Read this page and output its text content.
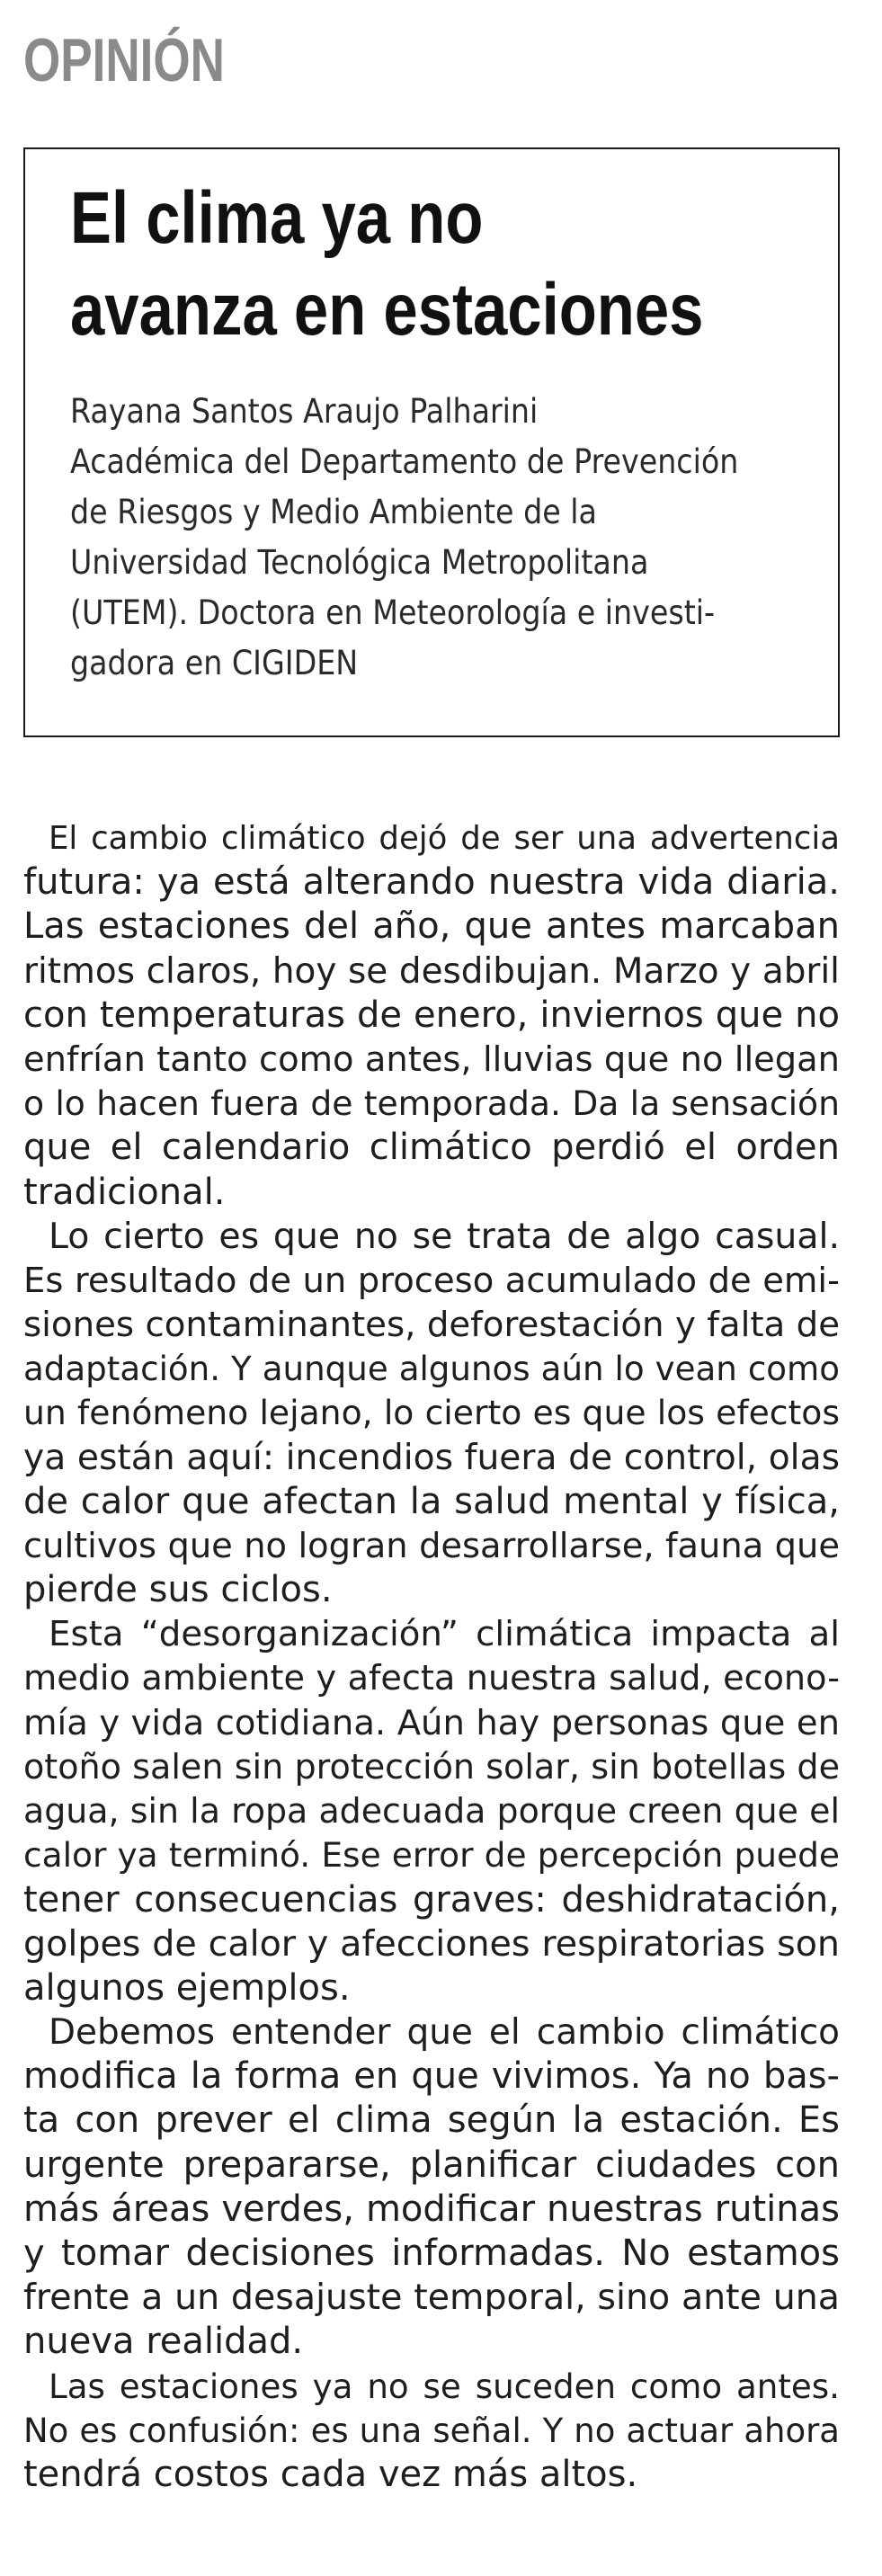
OPINIÓN
El clima ya no
avanza en estaciones

Rayana Santos Araujo Palharini
Académica del Departamento de Prevención
de Riesgos y Medio Ambiente de la
Universidad Tecnológica Metropolitana
(UTEM). Doctora en Meteorología e investi-
gadora en CIGIDEN

El cambio climático dejó de ser una advertencia
futura: ya está alterando nuestra vida diaria.
Las estaciones del año, que antes marcaban
ritmos claros, hoy se desdibujan. Marzo y abril
con temperaturas de enero, inviernos que no
enfrían tanto como antes, lluvias que no llegan
o lo hacen fuera de temporada. Da la sensación
que el calendario climático perdió el orden
tradicional.

Lo cierto es que no se trata de algo casual.
Es resultado de un proceso acumulado de emi-
siones contaminantes, deforestación y falta de
adaptación. Y aunque algunos aún lo vean como
un fenómeno lejano, lo cierto es que los efectos
ya están aquí: incendios fuera de control, olas
de calor que afectan la salud mental y física,
cultivos que no logran desarrollarse, fauna que
pierde sus ciclos.

Esta “desorganización” climática impacta al
medio ambiente y afecta nuestra salud, econo-
mía y vida cotidiana. Aún hay personas que en
otoño salen sin protección solar, sin botellas de
agua, sin la ropa adecuada porque creen que el
calor ya terminó. Ese error de percepción puede
tener consecuencias graves: deshidratación,
golpes de calor y afecciones respiratorias son
algunos ejemplos.

Debemos entender que el cambio climático
modifica la forma en que vivimos. Ya no bas-
ta con prever el clima según la estación. Es
urgente prepararse, planificar ciudades con
más áreas verdes, modificar nuestras rutinas
y tomar decisiones informadas. No estamos
frente a un desajuste temporal, sino ante una
nueva realidad.

Las estaciones ya no se suceden como antes.
No es confusión: es una señal. Y no actuar ahora
tendrá costos cada vez más altos.
